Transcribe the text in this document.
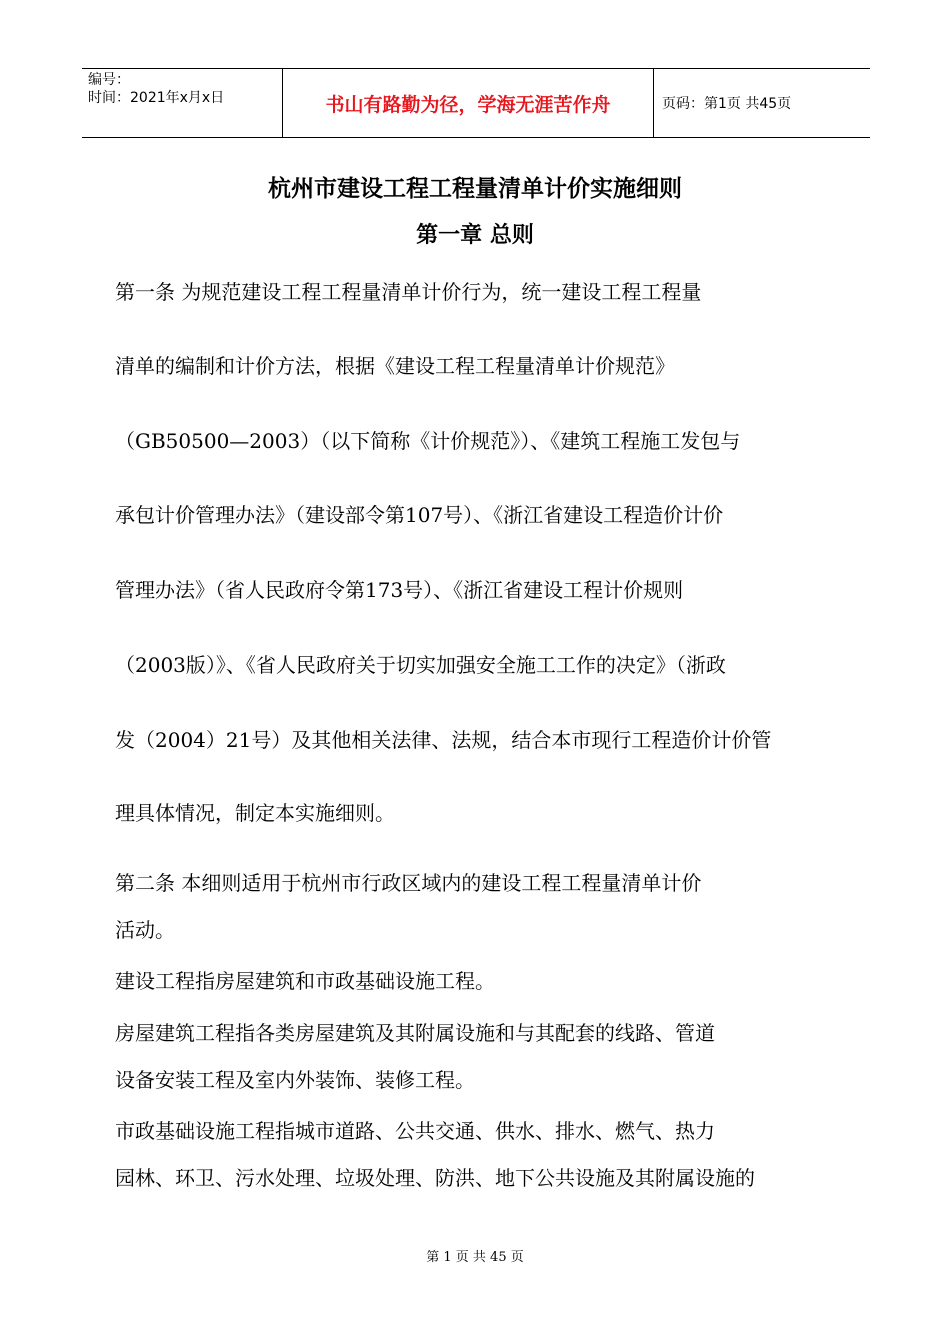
编号：
时间：2021年x月x日	书山有路勤为径，学海无涯苦作舟	页码：第1页 共45页
杭州市建设工程工程量清单计价实施细则
第一章 总则
第一条 为规范建设工程工程量清单计价行为，统一建设工程工程量
清单的编制和计价方法，根据《建设工程工程量清单计价规范》
（GB50500—2003）（以下简称《计价规范》）、《建筑工程施工发包与
承包计价管理办法》（建设部令第107号）、《浙江省建设工程造价计价
管理办法》（省人民政府令第173号）、《浙江省建设工程计价规则
（2003版）》、《省人民政府关于切实加强安全施工工作的决定》（浙政
发（2004）21号）及其他相关法律、法规，结合本市现行工程造价计价管
理具体情况，制定本实施细则。
第二条 本细则适用于杭州市行政区域内的建设工程工程量清单计价
活动。
建设工程指房屋建筑和市政基础设施工程。
房屋建筑工程指各类房屋建筑及其附属设施和与其配套的线路、管道
设备安装工程及室内外装饰、装修工程。
市政基础设施工程指城市道路、公共交通、供水、排水、燃气、热力
园林、环卫、污水处理、垃圾处理、防洪、地下公共设施及其附属设施的
第 1 页 共 45 页
